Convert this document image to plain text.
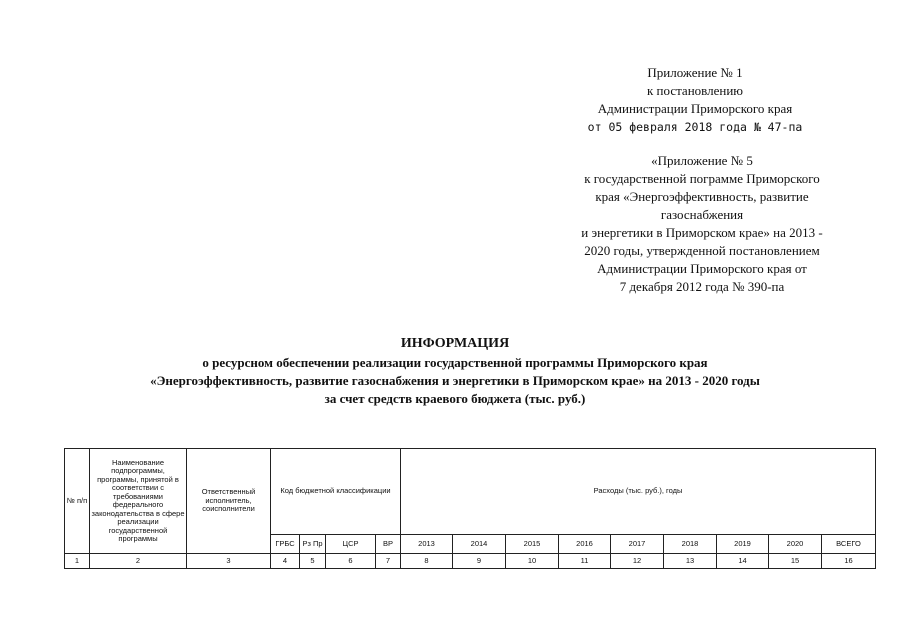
Приложение № 1
к постановлению
Администрации Приморского края
от 05 февраля 2018 года № 47-па
«Приложение № 5
к государственной пограмме Приморского
края «Энергоэффективность, развитие
газоснабжения
и энергетики в Приморском крае» на 2013 -
2020 годы, утвержденной постановлением
Администрации Приморского края от
7 декабря 2012 года № 390-па
ИНФОРМАЦИЯ
о ресурсном обеспечении реализации государственной программы Приморского края
«Энергоэффективность, развитие газоснабжения и энергетики в Приморском крае» на 2013 - 2020 годы
за счет средств краевого бюджета (тыс. руб.)
№ п/п	Наименование подпрограммы, программы, принятой в соответствии с требованиями федерального законодательства в сфере реализации государственной программы	Ответственный исполнитель, соисполнители	Код бюджетной классификации				Расходы (тыс. руб.), годы								
			ГРБС	Рз Пр	ЦСР	ВР	2013	2014	2015	2016	2017	2018	2019	2020	ВСЕГО
1	2	3	4	5	6	7	8	9	10	11	12	13	14	15	16
